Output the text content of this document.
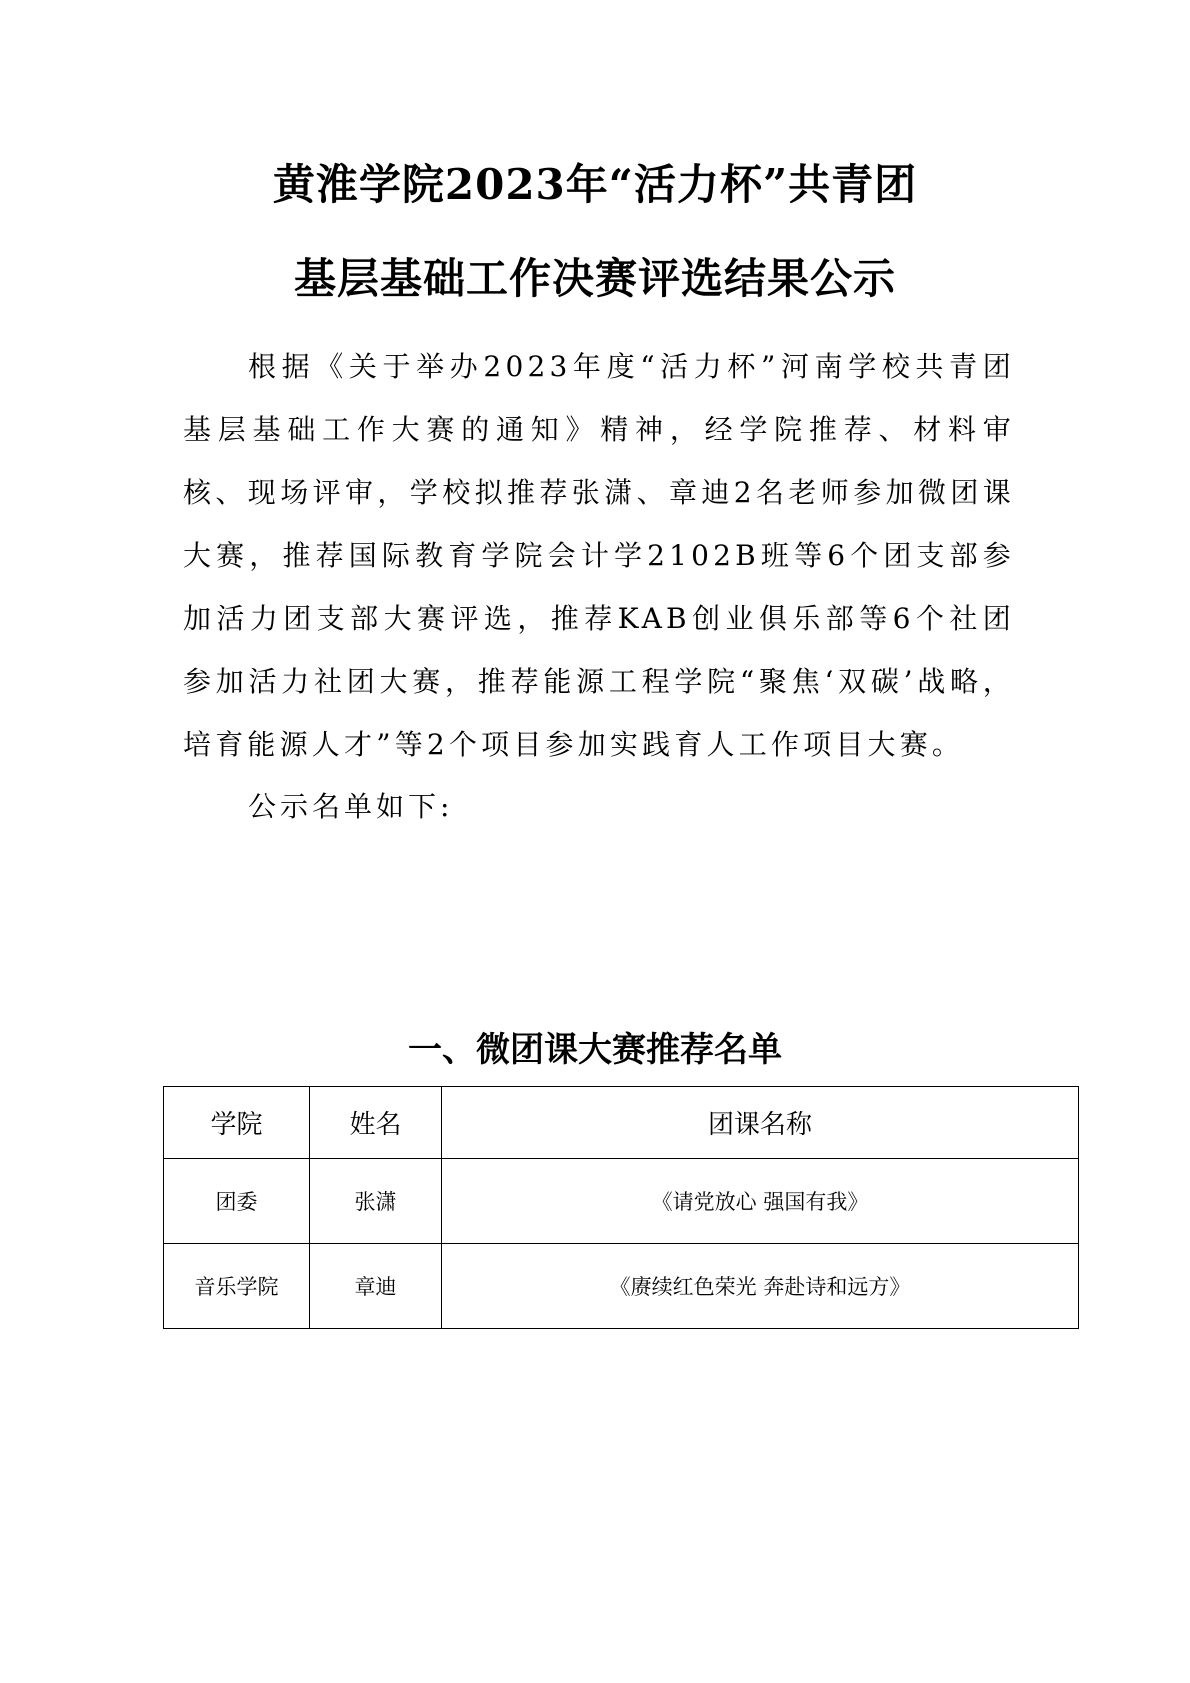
黄淮学院2023年“活力杯”共青团
基层基础工作决赛评选结果公示

根据《关于举办2023年度“活力杯”河南学校共青团基层基础工作大赛的通知》精神，经学院推荐、材料审核、现场评审，学校拟推荐张潇、章迪2名老师参加微团课大赛，推荐国际教育学院会计学2102B班等6个团支部参加活力团支部大赛评选，推荐KAB创业俱乐部等6个社团参加活力社团大赛，推荐能源工程学院“聚焦‘双碳’战略，培育能源人才”等2个项目参加实践育人工作项目大赛。

公示名单如下:

一、微团课大赛推荐名单
学院	姓名	团课名称
团委	张潇	《请党放心 强国有我》
音乐学院	章迪	《赓续红色荣光 奔赴诗和远方》
